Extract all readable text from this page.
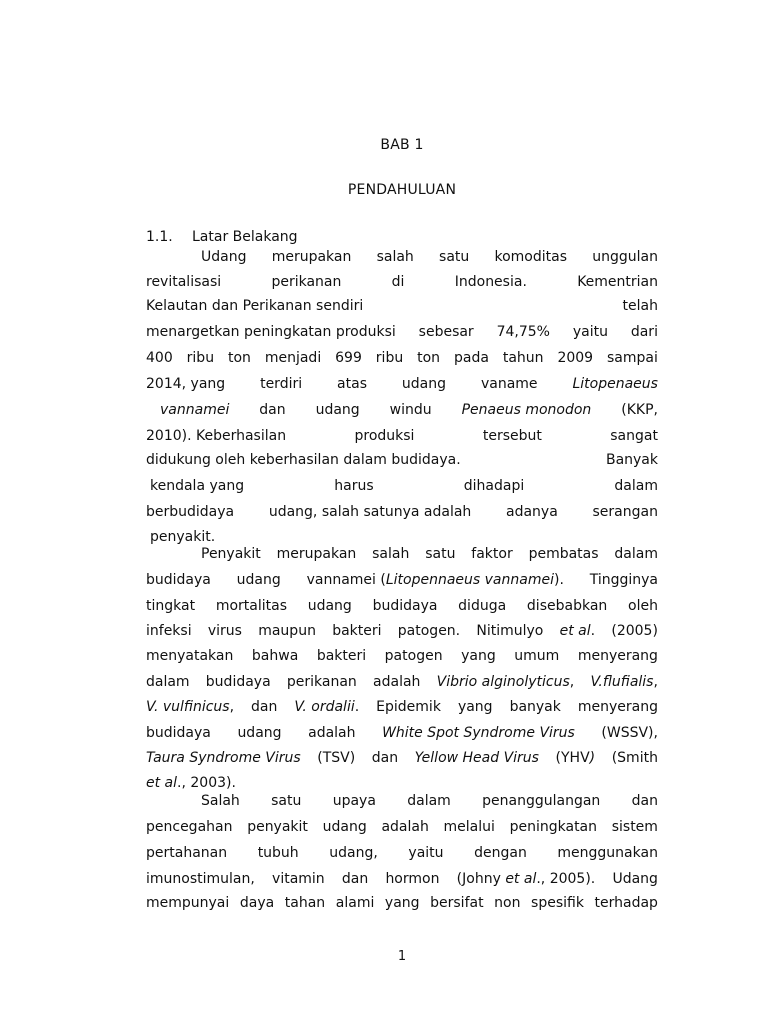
BAB 1
PENDAHULUAN
1.1. Latar Belakang
Udang merupakan salah satu komoditas unggulan
revitalisasi	perikanan	di	Indonesia.	Kementrian
Kelautan dan Perikanan sendiri	telah
menargetkan peningkatan produksi sebesar 74,75% yaitu dari
400 ribu ton menjadi 699 ribu ton pada tahun 2009 sampai
2014, yang terdiri atas udang vaname Litopenaeus
vannamei dan udang windu Penaeus monodon (KKP,
2010). Keberhasilan	produksi	tersebut	sangat
didukung oleh keberhasilan dalam budidaya.	Banyak
kendala yang	harus	dihadapi	dalam
berbudidaya udang, salah satunya adalah adanya serangan
penyakit.
Penyakit merupakan salah satu faktor pembatas dalam
budidaya udang vannamei (Litopennaeus vannamei). Tingginya
tingkat mortalitas udang budidaya diduga disebabkan oleh
infeksi virus maupun bakteri patogen. Nitimulyo et al. (2005)
menyatakan bahwa bakteri patogen yang umum menyerang
dalam budidaya perikanan adalah Vibrio alginolyticus, V.flufialis,
V. vulfinicus, dan V. ordalii. Epidemik yang banyak menyerang
budidaya udang adalah White Spot Syndrome Virus (WSSV),
Taura Syndrome Virus (TSV) dan Yellow Head Virus (YHV) (Smith
et al., 2003).
Salah satu upaya dalam penanggulangan dan
pencegahan penyakit udang adalah melalui peningkatan sistem
pertahanan tubuh udang, yaitu dengan menggunakan
imunostimulan, vitamin dan hormon (Johny et al., 2005). Udang
mempunyai daya tahan alami yang bersifat non spesifik terhadap
1
